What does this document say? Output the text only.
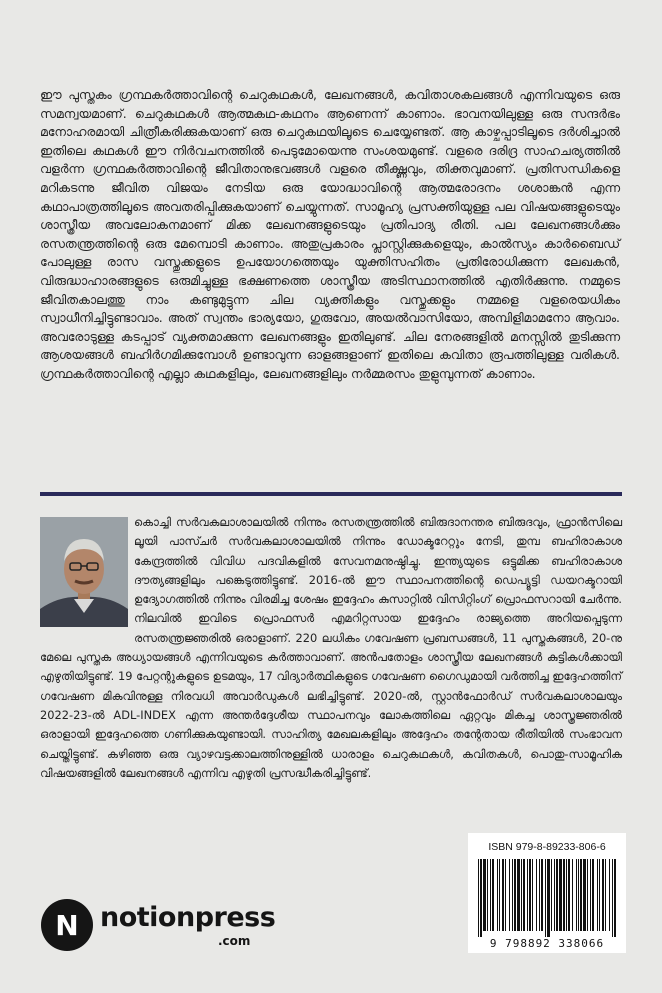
ഈ പുസ്തകം ഗ്രന്ഥകർത്താവിന്റെ ചെറുകഥകൾ, ലേഖനങ്ങൾ, കവിതാശകലങ്ങൾ എന്നിവയുടെ ഒരു സമന്വയമാണ്. ചെറുകഥകൾ ആത്മകഥ-കഥനം ആണെന്ന് കാണാം. ഭാവനയിലുള്ള ഒരു സന്ദർഭം മനോഹരമായി ചിത്രീകരിക്കുകയാണ് ഒരു ചെറുകഥയിലൂടെ ചെയ്യേണ്ടത്. ആ കാഴ്ചപ്പാടിലൂടെ ദർശിച്ചാൽ ഇതിലെ കഥകൾ ഈ നിർവചനത്തിൽ പെടുമോയെന്നു സംശയമുണ്ട്. വളരെ ദരിദ്ര സാഹചര്യത്തിൽ വളർന്ന ഗ്രന്ഥകർത്താവിന്റെ ജീവിതാനുഭവങ്ങൾ വളരെ തീക്ഷ്ണവും, തിക്തവുമാണ്. പ്രതിസന്ധികളെ മറികടന്നു ജീവിത വിജയം നേടിയ ഒരു യോദ്ധാവിന്റെ ആത്മരോദനം ശശാങ്കൻ എന്ന കഥാപാത്രത്തിലൂടെ അവതരിപ്പിക്കുകയാണ് ചെയ്യുന്നത്. സാമൂഹ്യ പ്രസക്തിയുള്ള പല വിഷയങ്ങളുടെയും ശാസ്ത്രീയ അവലോകനമാണ് മിക്ക ലേഖനങ്ങളുടെയും പ്രതിപാദ്യ രീതി. പല ലേഖനങ്ങൾക്കും രസതന്ത്രത്തിന്റെ ഒരു മേമ്പൊടി കാണാം. അതുപ്രകാരം പ്ലാസ്റ്റിക്കുകളെയും, കാൽസ്യം കാർബൈഡ് പോലുള്ള രാസ വസ്തുക്കളുടെ ഉപയോഗത്തെയും യുക്തിസഹിതം പ്രതിരോധിക്കുന്ന ലേഖകൻ, വിരുദ്ധാഹാരങ്ങളുടെ ഒരുമിച്ചുള്ള ഭക്ഷണത്തെ ശാസ്ത്രീയ അടിസ്ഥാനത്തിൽ എതിർക്കുന്നു. നമ്മുടെ ജീവിതകാലത്തു നാം കണ്ടുമുട്ടുന്ന ചില വ്യക്തികളും വസ്തുക്കളും നമ്മളെ വളരെയധികം സ്വാധീനിച്ചിട്ടുണ്ടാവാം. അത് സ്വന്തം ഭാര്യയോ, ഗുരുവോ, അയൽവാസിയോ, അമ്പിളിമാമനോ ആവാം. അവരോടുള്ള കടപ്പാട് വ്യക്തമാക്കുന്ന ലേഖനങ്ങളും ഇതിലുണ്ട്. ചില നേരങ്ങളിൽ മനസ്സിൽ തുടിക്കുന്ന ആശയങ്ങൾ ബഹിർഗമിക്കുമ്പോൾ ഉണ്ടാവുന്ന ഓളങ്ങളാണ് ഇതിലെ കവിതാ രൂപത്തിലുള്ള വരികൾ. ഗ്രന്ഥകർത്താവിന്റെ എല്ലാ കഥകളിലും, ലേഖനങ്ങളിലും നർമ്മരസം തുളുമ്പുന്നത് കാണാം.

കൊച്ചി സർവകലാശാലയിൽ നിന്നും രസതന്ത്രത്തിൽ ബിരുദാനന്തര ബിരുദവും, ഫ്രാൻസിലെ ലൂയി പാസ്ചർ സർവകലാശാലയിൽ നിന്നും ഡോക്ടറേറ്റും നേടി, തുമ്പ ബഹിരാകാശ കേന്ദ്രത്തിൽ വിവിധ പദവികളിൽ സേവനമനുഷ്ഠിച്ചു. ഇന്ത്യയുടെ ഒട്ടുമിക്ക ബഹിരാകാശ ദൗത്യങ്ങളിലും പങ്കെടുത്തിട്ടുണ്ട്. 2016-ൽ ഈ സ്ഥാപനത്തിന്റെ ഡെപ്യൂട്ടി ഡയറക്ടറായി ഉദ്യോഗത്തിൽ നിന്നും വിരമിച്ച ശേഷം ഇദ്ദേഹം കുസാറ്റിൽ വിസിറ്റിംഗ് പ്രൊഫസറായി ചേർന്നു. നിലവിൽ ഇവിടെ പ്രൊഫസർ എമറിറ്റസായ ഇദ്ദേഹം രാജ്യത്തെ അറിയപ്പെടുന്ന രസതന്ത്രജ്ഞരിൽ ഒരാളാണ്. 220 ലധികം ഗവേഷണ പ്രബന്ധങ്ങൾ, 11 പുസ്തകങ്ങൾ, 20-നു മേലെ പുസ്തക അധ്യായങ്ങൾ എന്നിവയുടെ കർത്താവാണ്. അൻപതോളം ശാസ്ത്രീയ ലേഖനങ്ങൾ കുട്ടികൾക്കായി എഴുതിയിട്ടുണ്ട്. 19 പേറ്റന്റുകളുടെ ഉടമയും, 17 വിദ്യാർത്ഥികളുടെ ഗവേഷണ ഗൈഡുമായി വർത്തിച്ച ഇദ്ദേഹത്തിന് ഗവേഷണ മികവിനുള്ള നിരവധി അവാർഡുകൾ ലഭിച്ചിട്ടുണ്ട്. 2020-ൽ, സ്റ്റാൻഫോർഡ് സർവകലാശാലയും 2022-23-ൽ ADL-INDEX എന്ന അന്തർദ്ദേശീയ സ്ഥാപനവും ലോകത്തിലെ ഏറ്റവും മികച്ച ശാസ്ത്രജ്ഞരിൽ ഒരാളായി ഇദ്ദേഹത്തെ ഗണിക്കുകയുണ്ടായി. സാഹിത്യ മേഖലകളിലും അദ്ദേഹം തന്റേതായ രീതിയിൽ സംഭാവന ചെയ്തിട്ടുണ്ട്. കഴിഞ്ഞ ഒരു വ്യാഴവട്ടക്കാലത്തിനുള്ളിൽ ധാരാളം ചെറുകഥകൾ, കവിതകൾ, പൊതു-സാമൂഹിക വിഷയങ്ങളിൽ ലേഖനങ്ങൾ എന്നിവ എഴുതി പ്രസദ്ധീകരിച്ചിട്ടുണ്ട്.

ISBN 979-8-89233-806-6
9 798892 338066
N notionpress
.com
